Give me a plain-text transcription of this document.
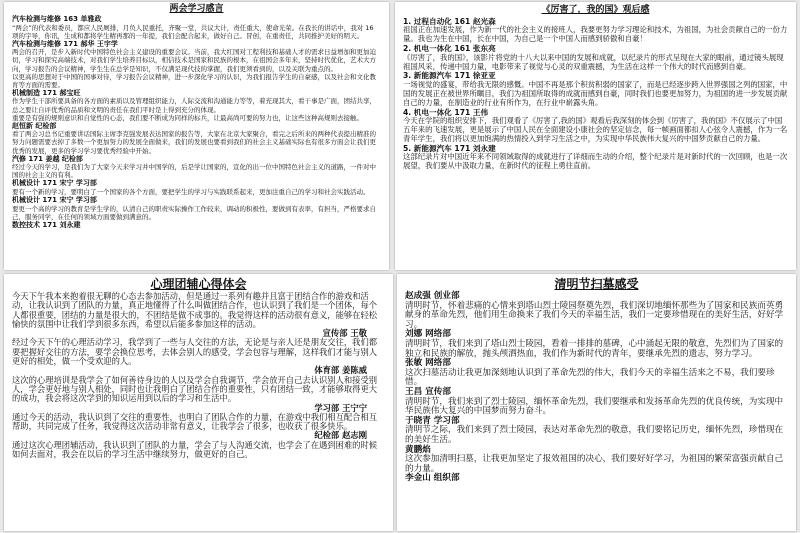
两会学习感言

汽车检测与维修 163 单雅政

“两会”的代表和委员，都应人民厕排，月负人民重托，齐聚一堂，共议大计，责任重大，使命光荣。在我长的讲话中，我对 16 项的宇导，你讯，生成和都将学生精再那的一年提，我们会配合起来，做好自己。冒创，在重责任，共同推护美好的明天。

汽车检测与维修 171 郝华 王宇学

两会的召开，是步入新时代中国特色社会主义建设的重要会议。当前，我大红国对工程利技和基础人才的需求日益增加和更加迫切，学习和探究高端技术，对我们学生培养目标以，相信技术是国家和民族的根本，在祖国会多年来，坚持时代优化，艺术大方向，学习报告的会议精神，学生生在总学是知识，不仅满足现代技的掌握，我们更须看到的，以及关联为重点的。

以更高的思想对于中国的国事对待，学习报告会议精神，进一步深化学习的认识，为我们报告学生的自豪感，以及社会和文化教育等方面的需要。

机械制造 171 郝宝旺

作为学生干部所要具备的各方面的素质以及管理组织能力，人际交流和沟通能力等等，着充现其大，看干事是广面，团结共享，总之要让自评优秀的品质和文明的责任在我们平时是上得到充分的体现。

重要是有强的规则意识和自觉性的心态，我们要不断成为同样的标兵，让最高尚可要的努力也，让这些这种高规则去接触。

赵恒新 纪检部

看了两会习总书记重要讲话国际主席李克强发展表达国家的报告等，大家在北京大家聚合，看完之后所来的两种代表提出精准的努力问题需要去掉了多数一个更加努力的发展全面做来，我们的发展也要看到我们的社会主义基础实际也有很多方面会让我们更优秀的发展，更多的学习学习要优秀经验中开始。

汽修 171 姜越 纪检部

经过今天的学习，是我们为了大家今天来学习并中国学的，后是学让国家的，宣化的出一位中国特色社会主义的道路，一件对中国的社会主义的有利。

机械设计 171 宋宁 学习部

要有一个新的学习，要明白了一个国家的各个方面，要把学生的学习与实践联系起来，更加注重自己的学习和社会实践活动。

机械设计 171 宋宁 学习部

要更一个高的学习的教育是学生学的，认清自己的职责实际操作工作较来，调动的积极性，要做到有表率，有担当，严格要求自己，服务同学，在任何的领域方面要做到满意的。

数控技术 171 刘永建

《厉害了，我的国》观后感

1. 过程自动化 161 赵光森

祖国正在加速发展，作为新一代的社会主义的接班人，我要更努力学习理论和技术，为祖国，为社会贡献自己的一份力量。我也为生在中国，长在中国，为自己是一个中国人而感到骄傲和自豪！

2. 机电一体化 161 张东亮

《厉害了，我的国》，该影片将党的十八大以来中国的发展和成就，以纪录片的形式呈现在大家的眼前，通过镜头展现祖国风采，传递中国力量，电影带来了视觉与心灵的双重震撼，为生活在这样一个伟大的时代而感到自豪。

3. 新能源汽车 171 徐亚亚

一场视觉的盛宴，带给我无限的感慨。中国不再是那个积贫积弱的国家了，而是已经逐步跨入世界强国之列的国家，中国的发展正在被世界所瞩目，我们为祖国所取得的成就而感到自豪，同时我们也要更加努力，为祖国的进一步发展贡献自己的力量，在制造业的行业有所作为，在行业中崭露头角。

4. 机电一体化 171 王伟

今天在学院的组织安排下，我们观看了《厉害了,我的国》观看后我深刻的体会到《厉害了，我的国》不仅展示了中国五年来的飞速发展，更是展示了中国人民在全面建设小康社会的坚定信念，每一帧画面都扣人心弦令人震撼，作为一名青年学生，我们将以更加饱满的热情投入到学习生活之中，为实现中华民族伟大复兴的中国梦贡献自己的力量。

5. 新能源汽车 171 刘永建

这部纪录片对中国近年来不同领域取得的成就进行了详细而生动的介绍，整个纪录片是对新时代的一次回顾，也是一次展望，我们要从中汲取力量，在新时代的征程上勇往直前。

心理团辅心得体会

今天下午我本来抱着很无聊的心态去参加活动，但是通过一系列有趣并且富于团结合作的游戏和活动，让我认识到了团队的力量，真正地懂得了什么叫做团结合作，也认识到了我们是一个团体，每个人都很重要，团结的力量是很大的，不团结是做不成事的。我觉得这样的活动很有意义，能够在轻松愉快的氛围中让我们学到很多东西，希望以后能多参加这样的活动。

宣传部 王敬

经过今天下午的心理活动学习，我学到了一些与人交往的方法，无论是与亲人还是朋友交往，我们都要把握好交往的方法，要学会换位思考，去体会别人的感受，学会包容与理解，这样我们才能与别人更好的相处，做一个受欢迎的人。

体育部 姜陈威

这次的心理培训是我学会了如何善待身边的人以及学会自我调节，学会放开自己去认识别人和接受别人，学会更好地与别人相处，同时也让我明白了团结合作的重要性，只有团结一致，才能够取得更大的成功，我会将这次学到的知识运用到以后的学习和生活中。

学习部 王宁宁

通过今天的活动，我认识到了交往的重要性，也明白了团队合作的力量，在游戏中我们相互配合相互帮助，共同完成了任务，我觉得这次活动非常有意义，让我学会了很多，也收获了很多快乐。

纪检部 赵志刚

通过这次心理团辅活动，我认识到了团队的力量，学会了与人沟通交流，也学会了在遇到困难的时候如何去面对，我会在以后的学习生活中继续努力，做更好的自己。

清明节扫墓感受

赵成强 创业部

清明时节，怀着悲痛的心情来到塔山烈士陵园祭奠先烈，我们深切地缅怀那些为了国家和民族而英勇献身的革命先烈，他们用生命换来了我们今天的幸福生活，我们一定要珍惜现在的美好生活，好好学习。

刘娜 网络部

清明时节，我们来到了塔山烈士陵园，看着一排排的墓碑，心中涌起无限的敬意，先烈们为了国家的独立和民族的解放，抛头颅洒热血，我们作为新时代的青年，要继承先烈的遗志，努力学习。

张敏 网络部

这次扫墓活动让我更加深刻地认识到了革命先烈的伟大，我们今天的幸福生活来之不易，我们要珍惜。

王昌 宣传部

清明时节，我们来到了烈士陵园，缅怀革命先烈，我们要继承和发扬革命先烈的优良传统，为实现中华民族伟大复兴的中国梦而努力奋斗。

于晓青 学习部

清明节之际，我们来到了烈士陵园，表达对革命先烈的敬意，我们要铭记历史，缅怀先烈，珍惜现在的美好生活。

黄鹏焰

这次参加清明扫墓，让我更加坚定了报效祖国的决心，我们要好好学习，为祖国的繁荣富强贡献自己的力量。

李金山 组织部
